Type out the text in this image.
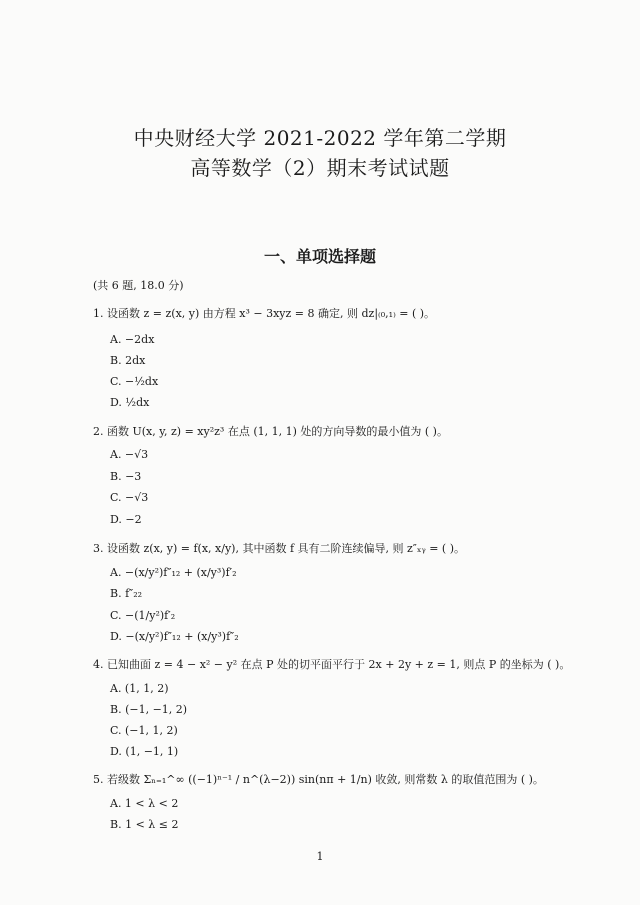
中央财经大学 2021-2022 学年第二学期
高等数学（2）期末考试试题
一、单项选择题
(共 6 题, 18.0 分)
1. 设函数 z = z(x, y) 由方程 x³ − 3xyz = 8 确定, 则 dz|₍₀,₁₎ = ( )。
A. −2dx
B. 2dx
C. −½dx
D. ½dx
2. 函数 U(x, y, z) = xy²z³ 在点 (1, 1, 1) 处的方向导数的最小值为 ( )。
A. −√3
B. −3
C. −√3
D. −2
3. 设函数 z(x, y) = f(x, x/y), 其中函数 f 具有二阶连续偏导, 则 z″ₓᵧ = ( )。
A. −(x/y²)f″₁₂ + (x/y³)f′₂
B. f″₂₂
C. −(1/y²)f′₂
D. −(x/y²)f″₁₂ + (x/y³)f″₂
4. 已知曲面 z = 4 − x² − y² 在点 P 处的切平面平行于 2x + 2y + z = 1, 则点 P 的坐标为 ( )。
A. (1, 1, 2)
B. (−1, −1, 2)
C. (−1, 1, 2)
D. (1, −1, 1)
5. 若级数 Σₙ₌₁^∞ ((−1)ⁿ⁻¹ / n^(λ−2)) sin(nπ + 1/n) 收敛, 则常数 λ 的取值范围为 ( )。
A. 1 < λ < 2
B. 1 < λ ≤ 2
1
